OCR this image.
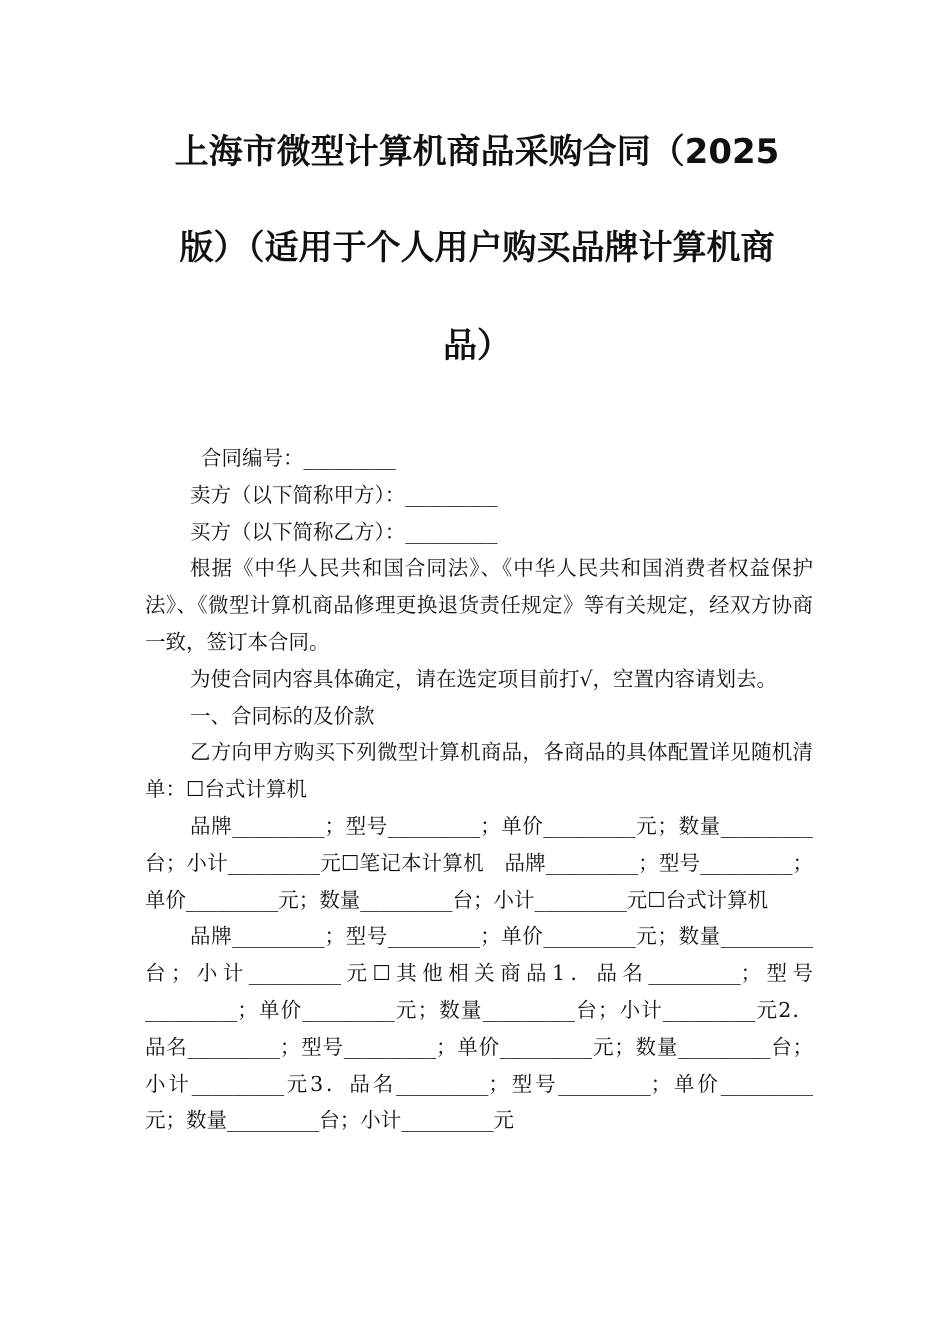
上海市微型计算机商品采购合同（2025
版）（适用于个人用户购买品牌计算机商
品）

合同编号：_________

卖方（以下简称甲方）：_________

买方（以下简称乙方）：_________

根据《中华人民共和国合同法》、《中华人民共和国消费者权益保护法》、《微型计算机商品修理更换退货责任规定》等有关规定，经双方协商一致，签订本合同。

为使合同内容具体确定，请在选定项目前打√，空置内容请划去。

一、合同标的及价款

乙方向甲方购买下列微型计算机商品，各商品的具体配置详见随机清单：☐台式计算机

品牌_________；型号_________；单价_________元；数量_________台；小计_________元☐笔记本计算机　品牌_________；型号_________；单价_________元；数量_________台；小计_________元☐台式计算机

品牌_________；型号_________；单价_________元；数量_________台；小计_________元☐其他相关商品1．品名_________；型号_________；单价_________元；数量_________台；小计_________元2．品名_________；型号_________；单价_________元；数量_________台；小计_________元3．品名_________；型号_________；单价_________元；数量_________台；小计_________元
